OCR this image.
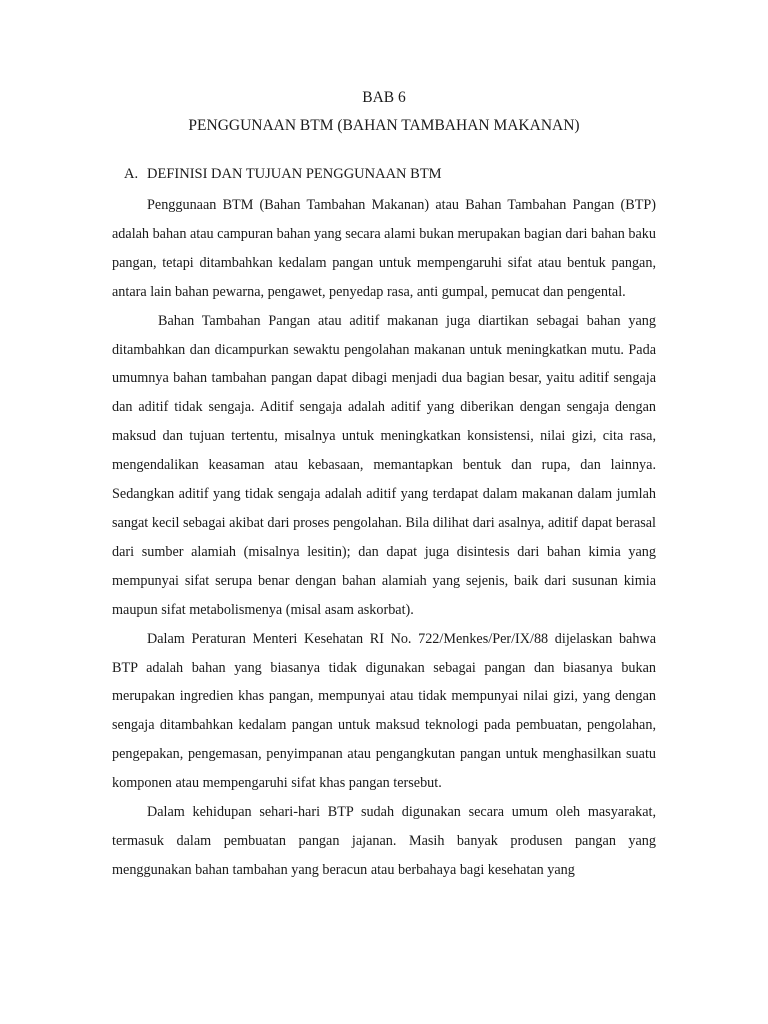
BAB 6
PENGGUNAAN BTM (BAHAN TAMBAHAN MAKANAN)
A. DEFINISI DAN TUJUAN PENGGUNAAN BTM

Penggunaan BTM (Bahan Tambahan Makanan) atau Bahan Tambahan Pangan (BTP) adalah bahan atau campuran bahan yang secara alami bukan merupakan bagian dari bahan baku pangan, tetapi ditambahkan kedalam pangan untuk mempengaruhi sifat atau bentuk pangan, antara lain bahan pewarna, pengawet, penyedap rasa, anti gumpal, pemucat dan pengental.

Bahan Tambahan Pangan atau aditif makanan juga diartikan sebagai bahan yang ditambahkan dan dicampurkan sewaktu pengolahan makanan untuk meningkatkan mutu. Pada umumnya bahan tambahan pangan dapat dibagi menjadi dua bagian besar, yaitu aditif sengaja dan aditif tidak sengaja. Aditif sengaja adalah aditif yang diberikan dengan sengaja dengan maksud dan tujuan tertentu, misalnya untuk meningkatkan konsistensi, nilai gizi, cita rasa, mengendalikan keasaman atau kebasaan, memantapkan bentuk dan rupa, dan lainnya. Sedangkan aditif yang tidak sengaja adalah aditif yang terdapat dalam makanan dalam jumlah sangat kecil sebagai akibat dari proses pengolahan. Bila dilihat dari asalnya, aditif dapat berasal dari sumber alamiah (misalnya lesitin); dan dapat juga disintesis dari bahan kimia yang mempunyai sifat serupa benar dengan bahan alamiah yang sejenis, baik dari susunan kimia maupun sifat metabolismenya (misal asam askorbat).

Dalam Peraturan Menteri Kesehatan RI No. 722/Menkes/Per/IX/88 dijelaskan bahwa BTP adalah bahan yang biasanya tidak digunakan sebagai pangan dan biasanya bukan merupakan ingredien khas pangan, mempunyai atau tidak mempunyai nilai gizi, yang dengan sengaja ditambahkan kedalam pangan untuk maksud teknologi pada pembuatan, pengolahan, pengepakan, pengemasan, penyimpanan atau pengangkutan pangan untuk menghasilkan suatu komponen atau mempengaruhi sifat khas pangan tersebut.

Dalam kehidupan sehari-hari BTP sudah digunakan secara umum oleh masyarakat, termasuk dalam pembuatan pangan jajanan. Masih banyak produsen pangan yang menggunakan bahan tambahan yang beracun atau berbahaya bagi kesehatan yang
